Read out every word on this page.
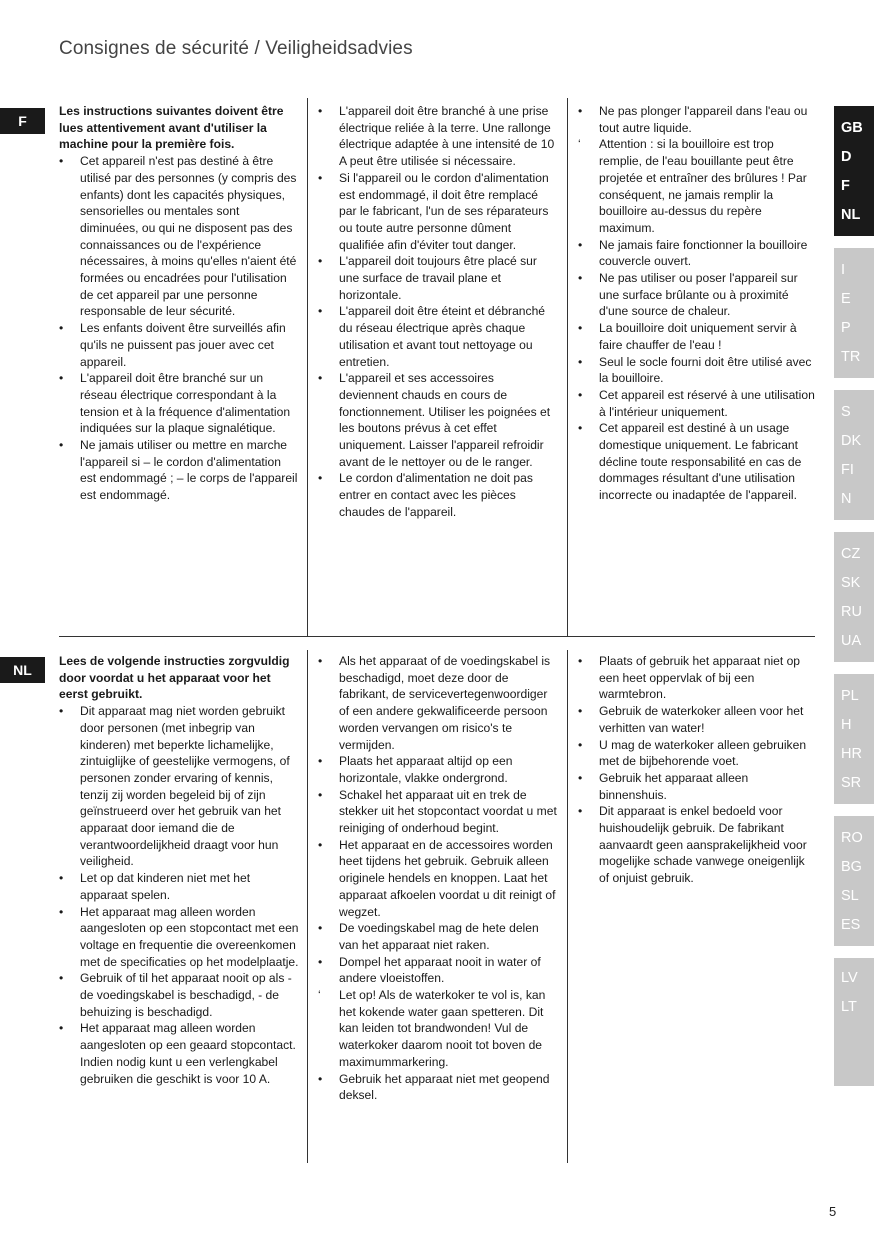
Consignes de sécurité / Veiligheidsadvies
F
NL

Les instructions suivantes doivent être lues attentivement avant d'utiliser la machine pour la première fois.

• Cet appareil n'est pas destiné à être utilisé par des personnes (y compris des enfants) dont les capacités physiques, sensorielles ou mentales sont diminuées, ou qui ne disposent pas des connaissances ou de l'expérience nécessaires, à moins qu'elles n'aient été formées ou encadrées pour l'utilisation de cet appareil par une personne responsable de leur sécurité.
• Les enfants doivent être surveillés afin qu'ils ne puissent pas jouer avec cet appareil.
• L'appareil doit être branché sur un réseau électrique correspondant à la tension et à la fréquence d'alimentation indiquées sur la plaque signalétique.
• Ne jamais utiliser ou mettre en marche l'appareil si – le cordon d'alimentation est endommagé ; – le corps de l'appareil est endommagé.
• L'appareil doit être branché à une prise électrique reliée à la terre. Une rallonge électrique adaptée à une intensité de 10 A peut être utilisée si nécessaire.
• Si l'appareil ou le cordon d'alimentation est endommagé, il doit être remplacé par le fabricant, l'un de ses réparateurs ou toute autre personne dûment qualifiée afin d'éviter tout danger.
• L'appareil doit toujours être placé sur une surface de travail plane et horizontale.
• L'appareil doit être éteint et débranché du réseau électrique après chaque utilisation et avant tout nettoyage ou entretien.
• L'appareil et ses accessoires deviennent chauds en cours de fonctionnement. Utiliser les poignées et les boutons prévus à cet effet uniquement. Laisser l'appareil refroidir avant de le nettoyer ou de le ranger.
• Le cordon d'alimentation ne doit pas entrer en contact avec les pièces chaudes de l'appareil.
• Ne pas plonger l'appareil dans l'eau ou tout autre liquide.
‘ Attention : si la bouilloire est trop remplie, de l'eau bouillante peut être projetée et entraîner des brûlures ! Par conséquent, ne jamais remplir la bouilloire au-dessus du repère maximum.
• Ne jamais faire fonctionner la bouilloire couvercle ouvert.
• Ne pas utiliser ou poser l'appareil sur une surface brûlante ou à proximité d'une source de chaleur.
• La bouilloire doit uniquement servir à faire chauffer de l'eau !
• Seul le socle fourni doit être utilisé avec la bouilloire.
• Cet appareil est réservé à une utilisation à l'intérieur uniquement.
• Cet appareil est destiné à un usage domestique uniquement. Le fabricant décline toute responsabilité en cas de dommages résultant d'une utilisation incorrecte ou inadaptée de l'appareil.

Lees de volgende instructies zorgvuldig door voordat u het apparaat voor het eerst gebruikt.

• Dit apparaat mag niet worden gebruikt door personen (met inbegrip van kinderen) met beperkte lichamelijke, zintuiglijke of geestelijke vermogens, of personen zonder ervaring of kennis, tenzij zij worden begeleid bij of zijn geïnstrueerd over het gebruik van het apparaat door iemand die de verantwoordelijkheid draagt voor hun veiligheid.
• Let op dat kinderen niet met het apparaat spelen.
• Het apparaat mag alleen worden aangesloten op een stopcontact met een voltage en frequentie die overeenkomen met de specificaties op het modelplaatje.
• Gebruik of til het apparaat nooit op als - de voedingskabel is beschadigd, - de behuizing is beschadigd.
• Het apparaat mag alleen worden aangesloten op een geaard stopcontact. Indien nodig kunt u een verlengkabel gebruiken die geschikt is voor 10 A.
• Als het apparaat of de voedingskabel is beschadigd, moet deze door de fabrikant, de servicevertegenwoordiger of een andere gekwalificeerde persoon worden vervangen om risico's te vermijden.
• Plaats het apparaat altijd op een horizontale, vlakke ondergrond.
• Schakel het apparaat uit en trek de stekker uit het stopcontact voordat u met reiniging of onderhoud begint.
• Het apparaat en de accessoires worden heet tijdens het gebruik. Gebruik alleen originele hendels en knoppen. Laat het apparaat afkoelen voordat u dit reinigt of wegzet.
• De voedingskabel mag de hete delen van het apparaat niet raken.
• Dompel het apparaat nooit in water of andere vloeistoffen.
‘ Let op! Als de waterkoker te vol is, kan het kokende water gaan spetteren. Dit kan leiden tot brandwonden! Vul de waterkoker daarom nooit tot boven de maximummarkering.
• Gebruik het apparaat niet met geopend deksel.
• Plaats of gebruik het apparaat niet op een heet oppervlak of bij een warmtebron.
• Gebruik de waterkoker alleen voor het verhitten van water!
• U mag de waterkoker alleen gebruiken met de bijbehorende voet.
• Gebruik het apparaat alleen binnenshuis.
• Dit apparaat is enkel bedoeld voor huishoudelijk gebruik. De fabrikant aanvaardt geen aansprakelijkheid voor mogelijke schade vanwege oneigenlijk of onjuist gebruik.
GB
D
F
NL
I
E
P
TR
S
DK
FI
N
CZ
SK
RU
UA
PL
H
HR
SR
RO
BG
SL
ES
LV
LT
5
